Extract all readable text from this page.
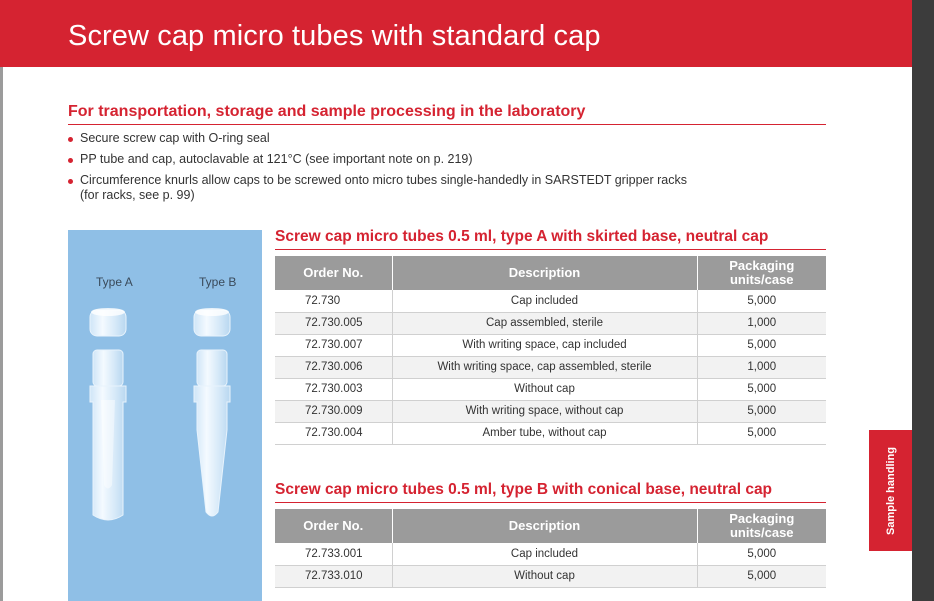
Screw cap micro tubes with standard cap
For transportation, storage and sample processing in the laboratory
Secure screw cap with O-ring seal
PP tube and cap, autoclavable at 121°C (see important note on p. 219)
Circumference knurls allow caps to be screwed onto micro tubes single-handedly in SARSTEDT gripper racks
(for racks, see p. 99)
Type A	Type B
Screw cap micro tubes 0.5 ml, type A with skirted base, neutral cap
Order No.	Description	Packaging
units/case
72.730	Cap included	5,000
72.730.005	Cap assembled, sterile	1,000
72.730.007	With writing space, cap included	5,000
72.730.006	With writing space, cap assembled, sterile	1,000
72.730.003	Without cap	5,000
72.730.009	With writing space, without cap	5,000
72.730.004	Amber tube, without cap	5,000
Screw cap micro tubes 0.5 ml, type B with conical base, neutral cap
Order No.	Description	Packaging
units/case
72.733.001	Cap included	5,000
72.733.010	Without cap	5,000
Sample handling
